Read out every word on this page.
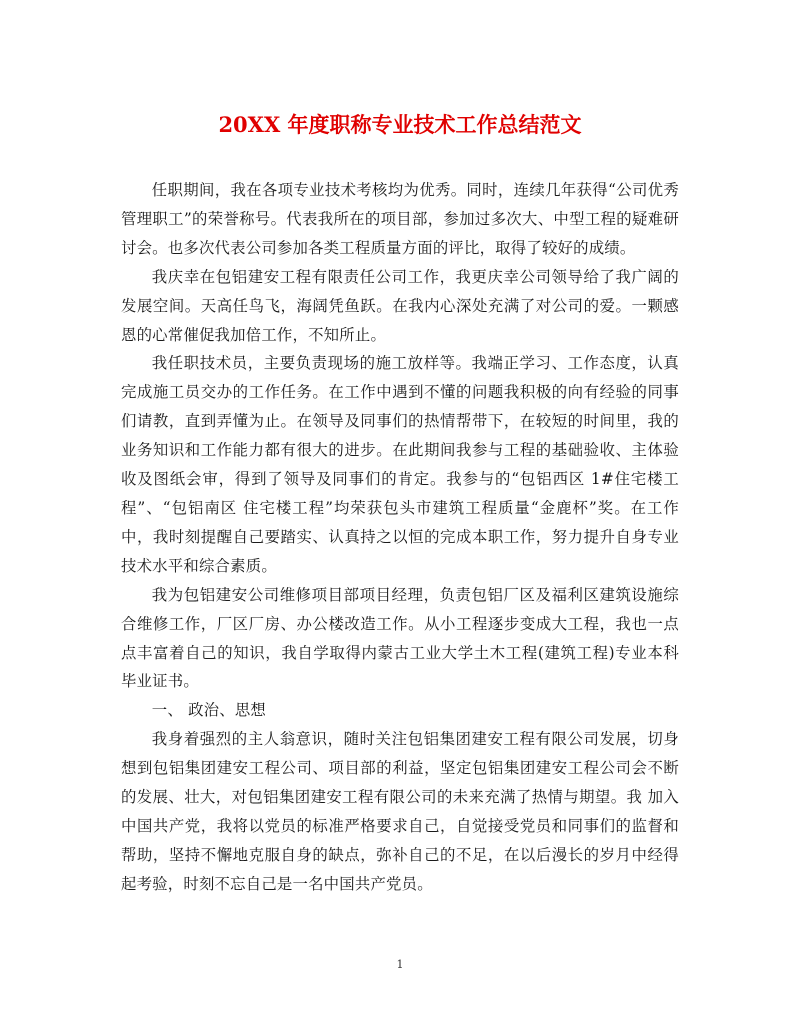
20XX 年度职称专业技术工作总结范文

任职期间，我在各项专业技术考核均为优秀。同时，连续几年获得“公司优秀管理职工”的荣誉称号。代表我所在的项目部，参加过多次大、中型工程的疑难研讨会。也多次代表公司参加各类工程质量方面的评比，取得了较好的成绩。

我庆幸在包铝建安工程有限责任公司工作，我更庆幸公司领导给了我广阔的发展空间。天高任鸟飞，海阔凭鱼跃。在我内心深处充满了对公司的爱。一颗感恩的心常催促我加倍工作，不知所止。

我任职技术员，主要负责现场的施工放样等。我端正学习、工作态度，认真完成施工员交办的工作任务。在工作中遇到不懂的问题我积极的向有经验的同事们请教，直到弄懂为止。在领导及同事们的热情帮带下，在较短的时间里，我的业务知识和工作能力都有很大的进步。在此期间我参与工程的基础验收、主体验收及图纸会审，得到了领导及同事们的肯定。我参与的“包铝西区 1#住宅楼工程”、“包铝南区 住宅楼工程”均荣获包头市建筑工程质量“金鹿杯”奖。在工作中，我时刻提醒自己要踏实、认真持之以恒的完成本职工作，努力提升自身专业技术水平和综合素质。

我为包铝建安公司维修项目部项目经理，负责包铝厂区及福利区建筑设施综合维修工作，厂区厂房、办公楼改造工作。从小工程逐步变成大工程，我也一点点丰富着自己的知识，我自学取得内蒙古工业大学土木工程(建筑工程)专业本科毕业证书。

一、 政治、思想

我身着强烈的主人翁意识，随时关注包铝集团建安工程有限公司发展，切身想到包铝集团建安工程公司、项目部的利益，坚定包铝集团建安工程公司会不断的发展、壮大，对包铝集团建安工程有限公司的未来充满了热情与期望。我 加入中国共产党，我将以党员的标准严格要求自己，自觉接受党员和同事们的监督和帮助，坚持不懈地克服自身的缺点，弥补自己的不足，在以后漫长的岁月中经得起考验，时刻不忘自己是一名中国共产党员。

1
